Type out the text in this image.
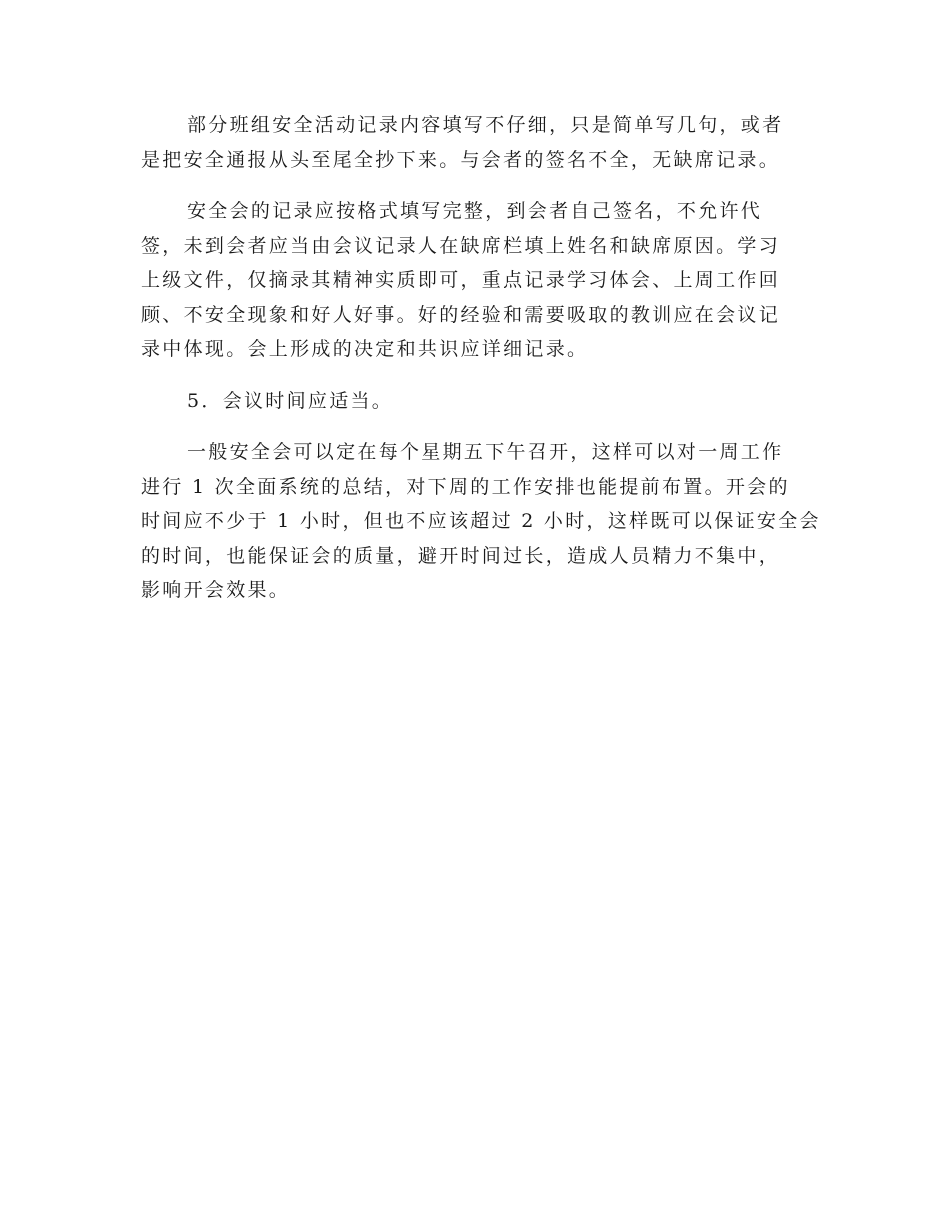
部分班组安全活动记录内容填写不仔细，只是简单写几句，或者
是把安全通报从头至尾全抄下来。与会者的签名不全，无缺席记录。
安全会的记录应按格式填写完整，到会者自己签名，不允许代
签，未到会者应当由会议记录人在缺席栏填上姓名和缺席原因。学习
上级文件，仅摘录其精神实质即可，重点记录学习体会、上周工作回
顾、不安全现象和好人好事。好的经验和需要吸取的教训应在会议记
录中体现。会上形成的决定和共识应详细记录。
5．会议时间应适当。
一般安全会可以定在每个星期五下午召开，这样可以对一周工作
进行 1 次全面系统的总结，对下周的工作安排也能提前布置。开会的
时间应不少于 1 小时，但也不应该超过 2 小时，这样既可以保证安全会
的时间，也能保证会的质量，避开时间过长，造成人员精力不集中，
影响开会效果。
